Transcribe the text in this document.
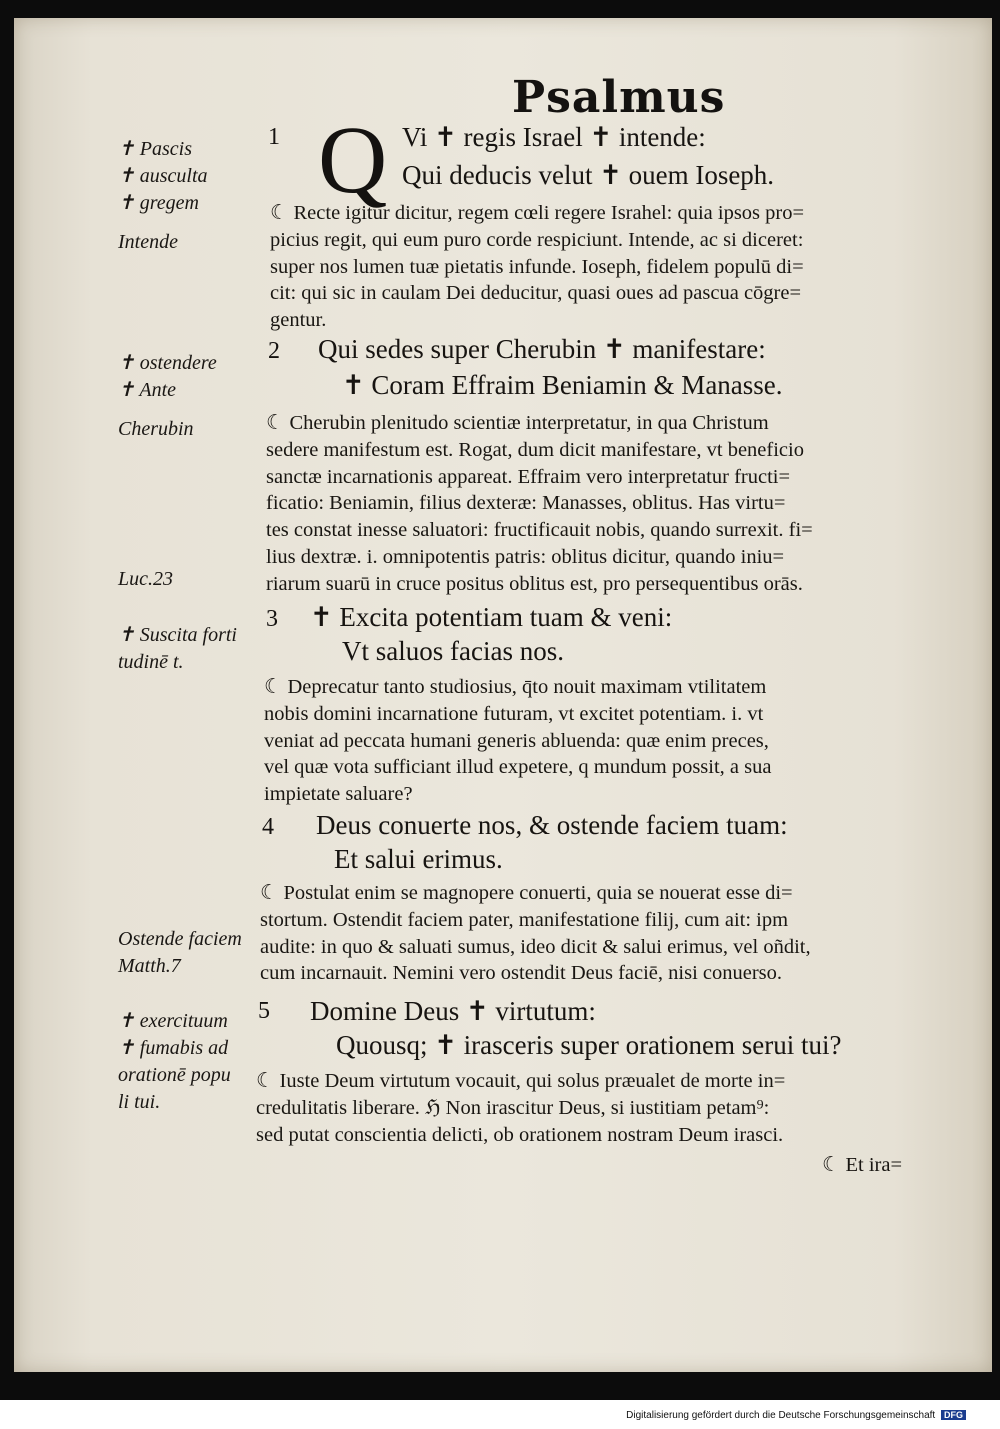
Psalmus
✝ Pascis
✝ ausculta
✝ gregem
Intende
✝ ostendere
✝ Ante
Cherubin
Luc.23
✝ Suscita forti
tudinē t.
Ostende faciem
Matth.7
✝ exercituum
✝ fumabis ad
orationē popu
li tui.
Q
1	Vi ✝ regis Israel ✝ intende:
Qui deducis velut ✝ ouem Ioseph.
☾ Recte igitur dicitur, regem cœli regere Israhel: quia ipsos pro=
picius regit, qui eum puro corde respiciunt. Intende, ac si diceret:
super nos lumen tuæ pietatis infunde. Ioseph, fidelem populū di=
cit: qui sic in caulam Dei deducitur, quasi oues ad pascua cōgre=
gentur.
2 Qui sedes super Cherubin ✝ manifestare:
✝ Coram Effraim Beniamin & Manasse.
☾ Cherubin plenitudo scientiæ interpretatur, in qua Christum
sedere manifestum est. Rogat, dum dicit manifestare, vt beneficio
sanctæ incarnationis appareat. Effraim vero interpretatur fructi=
ficatio: Beniamin, filius dexteræ: Manasses, oblitus. Has virtu=
tes constat inesse saluatori: fructificauit nobis, quando surrexit. fi=
lius dextræ. i. omnipotentis patris: oblitus dicitur, quando iniu=
riarum suarū in cruce positus oblitus est, pro persequentibus orās.
3 ✝ Excita potentiam tuam & veni:
Vt saluos facias nos.
☾ Deprecatur tanto studiosius, q̄to nouit maximam vtilitatem
nobis domini incarnatione futuram, vt excitet potentiam. i. vt
veniat ad peccata humani generis abluenda: quæ enim preces,
vel quæ vota sufficiant illud expetere, q mundum possit, a sua
impietate saluare?
4 Deus conuerte nos, & ostende faciem tuam:
Et salui erimus.
☾ Postulat enim se magnopere conuerti, quia se nouerat esse di=
stortum. Ostendit faciem pater, manifestatione filij, cum ait: ipm
audite: in quo & saluati sumus, ideo dicit & salui erimus, vel oñdit,
cum incarnauit. Nemini vero ostendit Deus faciē, nisi conuerso.
5 Domine Deus ✝ virtutum:
Quousq; ✝ irasceris super orationem serui tui?
☾ Iuste Deum virtutum vocauit, qui solus præualet de morte in=
credulitatis liberare. ℌ Non irascitur Deus, si iustitiam petam⁹:
sed putat conscientia delicti, ob orationem nostram Deum irasci.
☾ Et ira=
Digitalisierung gefördert durch die Deutsche Forschungsgemeinschaft DFG
